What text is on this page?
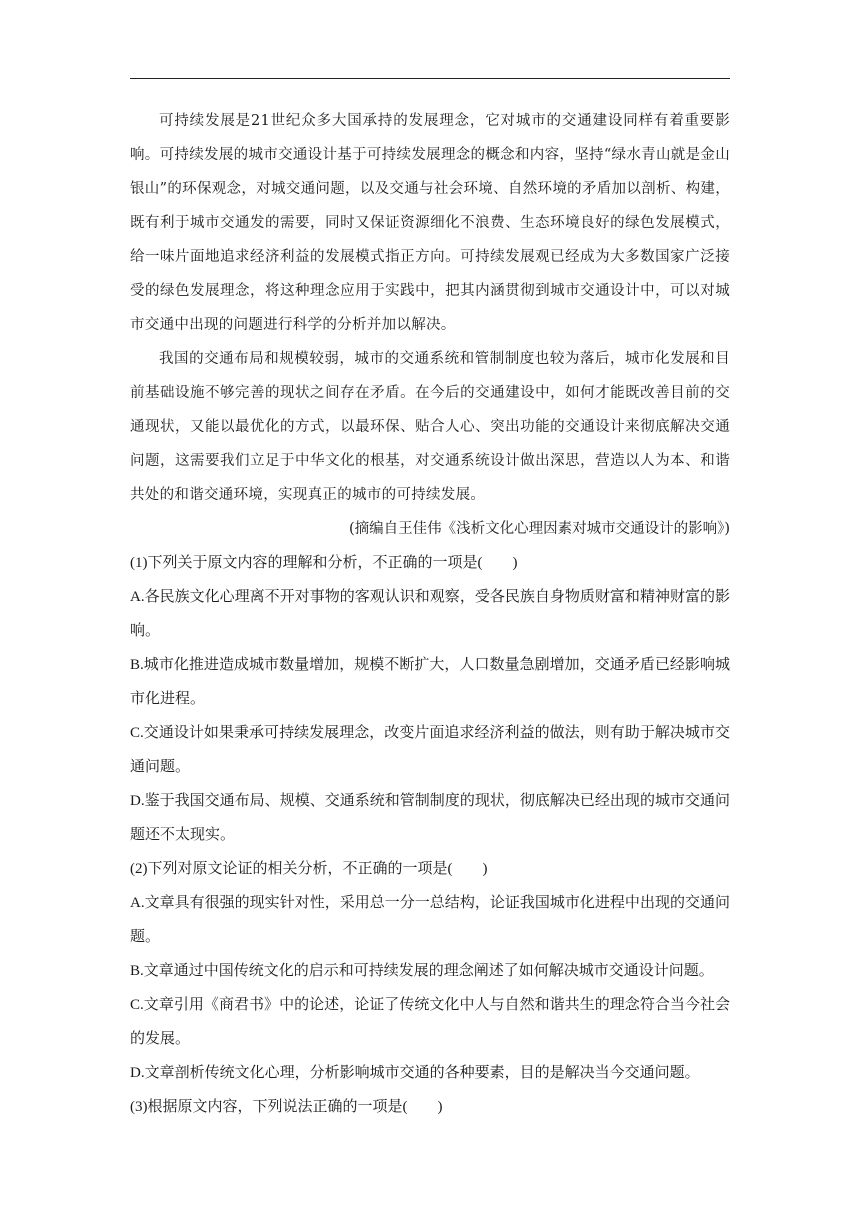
可持续发展是21世纪众多大国承持的发展理念，它对城市的交通建设同样有着重要影响。可持续发展的城市交通设计基于可持续发展理念的概念和内容，坚持“绿水青山就是金山银山”的环保观念，对城交通问题，以及交通与社会环境、自然环境的矛盾加以剖析、构建，既有利于城市交通发的需要，同时又保证资源细化不浪费、生态环境良好的绿色发展模式，给一味片面地追求经济利益的发展模式指正方向。可持续发展观已经成为大多数国家广泛接受的绿色发展理念，将这种理念应用于实践中，把其内涵贯彻到城市交通设计中，可以对城市交通中出现的问题进行科学的分析并加以解决。

我国的交通布局和规模较弱，城市的交通系统和管制制度也较为落后，城市化发展和目前基础设施不够完善的现状之间存在矛盾。在今后的交通建设中，如何才能既改善目前的交通现状，又能以最优化的方式，以最环保、贴合人心、突出功能的交通设计来彻底解决交通问题，这需要我们立足于中华文化的根基，对交通系统设计做出深思，营造以人为本、和谐共处的和谐交通环境，实现真正的城市的可持续发展。

(摘编自王佳伟《浅析文化心理因素对城市交通设计的影响》)

(1)下列关于原文内容的理解和分析，不正确的一项是(　　)

A.各民族文化心理离不开对事物的客观认识和观察，受各民族自身物质财富和精神财富的影响。

B.城市化推进造成城市数量增加，规模不断扩大，人口数量急剧增加，交通矛盾已经影响城市化进程。

C.交通设计如果秉承可持续发展理念，改变片面追求经济利益的做法，则有助于解决城市交通问题。

D.鉴于我国交通布局、规模、交通系统和管制制度的现状，彻底解决已经出现的城市交通问题还不太现实。

(2)下列对原文论证的相关分析，不正确的一项是(　　)

A.文章具有很强的现实针对性，采用总一分一总结构，论证我国城市化进程中出现的交通问题。

B.文章通过中国传统文化的启示和可持续发展的理念阐述了如何解决城市交通设计问题。

C.文章引用《商君书》中的论述，论证了传统文化中人与自然和谐共生的理念符合当今社会的发展。

D.文章剖析传统文化心理，分析影响城市交通的各种要素，目的是解决当今交通问题。

(3)根据原文内容，下列说法正确的一项是(　　)
